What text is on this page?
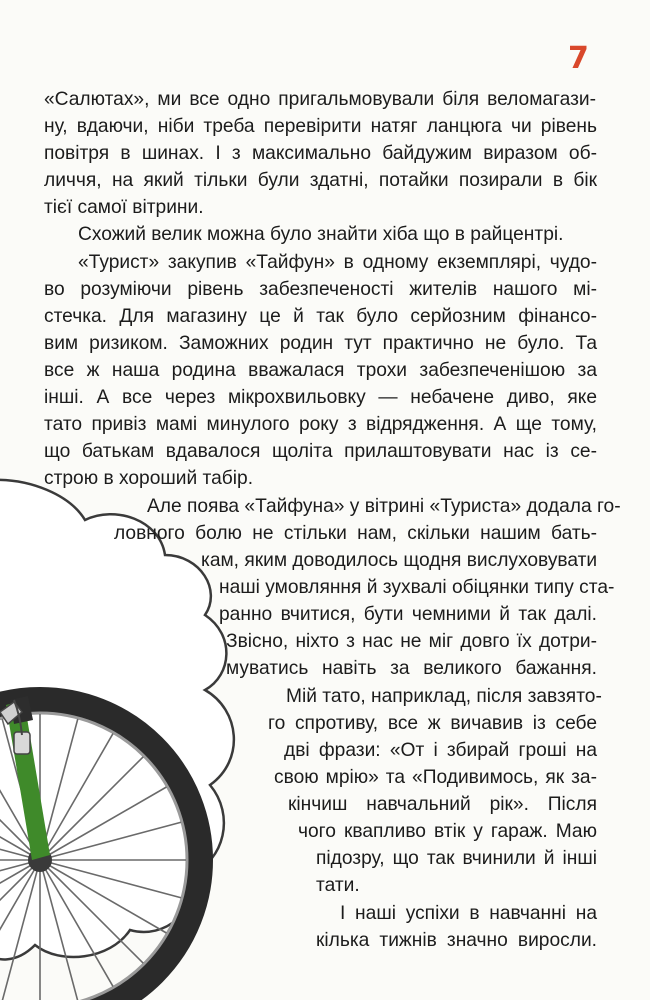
7
«Салютах», ми все одно пригальмовували біля веломагази-
ну, вдаючи, ніби треба перевірити натяг ланцюга чи рівень
повітря в шинах. І з максимально байдужим виразом об-
личчя, на який тільки були здатні, потайки позирали в бік
тієї самої вітрини.
Схожий велик можна було знайти хіба що в райцентрі.
«Турист» закупив «Тайфун» в одному екземплярі, чудо-
во розуміючи рівень забезпеченості жителів нашого мі-
стечка. Для магазину це й так було серйозним фінансо-
вим ризиком. Заможних родин тут практично не було. Та
все ж наша родина вважалася трохи забезпеченішою за
інші. А все через мікрохвильовку — небачене диво, яке
тато привіз мамі минулого року з відрядження. А ще тому,
що батькам вдавалося щоліта прилаштовувати нас із се-
строю в хороший табір.
Але поява «Тайфуна» у вітрині «Туриста» додала го-
ловного болю не стільки нам, скільки нашим бать-
кам, яким доводилось щодня вислуховувати
наші умовляння й зухвалі обіцянки типу ста-
ранно вчитися, бути чемними й так далі.
Звісно, ніхто з нас не міг довго їх дотри-
муватись навіть за великого бажання.
Мій тато, наприклад, після завзято-
го спротиву, все ж вичавив із себе
дві фрази: «От і збирай гроші на
свою мрію» та «Подивимось, як за-
кінчиш навчальний рік». Після
чого квапливо втік у гараж. Маю
підозру, що так вчинили й інші
тати.
І наші успіхи в навчанні на
кілька тижнів значно виросли.
